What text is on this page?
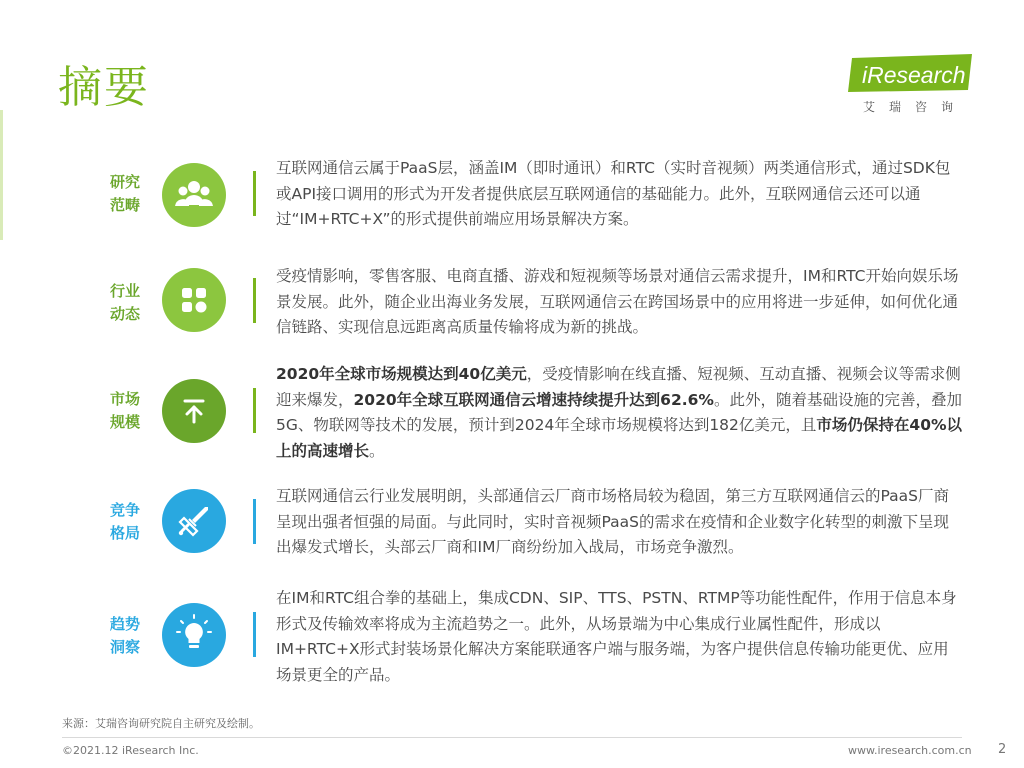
摘要	iResearch
艾瑞咨询
研究
范畴
互联网通信云属于PaaS层，涵盖IM（即时通讯）和RTC（实时音视频）两类通信形式，通过SDK包或API接口调用的形式为开发者提供底层互联网通信的基础能力。此外，互联网通信云还可以通过“IM+RTC+X”的形式提供前端应用场景解决方案。
行业
动态
受疫情影响，零售客服、电商直播、游戏和短视频等场景对通信云需求提升，IM和RTC开始向娱乐场景发展。此外，随企业出海业务发展，互联网通信云在跨国场景中的应用将进一步延伸，如何优化通信链路、实现信息远距离高质量传输将成为新的挑战。
市场
规模
2020年全球市场规模达到40亿美元，受疫情影响在线直播、短视频、互动直播、视频会议等需求侧迎来爆发，2020年全球互联网通信云增速持续提升达到62.6%。此外，随着基础设施的完善，叠加5G、物联网等技术的发展，预计到2024年全球市场规模将达到182亿美元，且市场仍保持在40%以上的高速增长。
竞争
格局
互联网通信云行业发展明朗，头部通信云厂商市场格局较为稳固，第三方互联网通信云的PaaS厂商呈现出强者恒强的局面。与此同时，实时音视频PaaS的需求在疫情和企业数字化转型的刺激下呈现出爆发式增长，头部云厂商和IM厂商纷纷加入战局，市场竞争激烈。
趋势
洞察
在IM和RTC组合拳的基础上，集成CDN、SIP、TTS、PSTN、RTMP等功能性配件，作用于信息本身形式及传输效率将成为主流趋势之一。此外，从场景端为中心集成行业属性配件，形成以IM+RTC+X形式封装场景化解决方案能联通客户端与服务端，为客户提供信息传输功能更优、应用场景更全的产品。
来源：艾瑞咨询研究院自主研究及绘制。
©2021.12 iResearch Inc.	www.iresearch.com.cn 2
